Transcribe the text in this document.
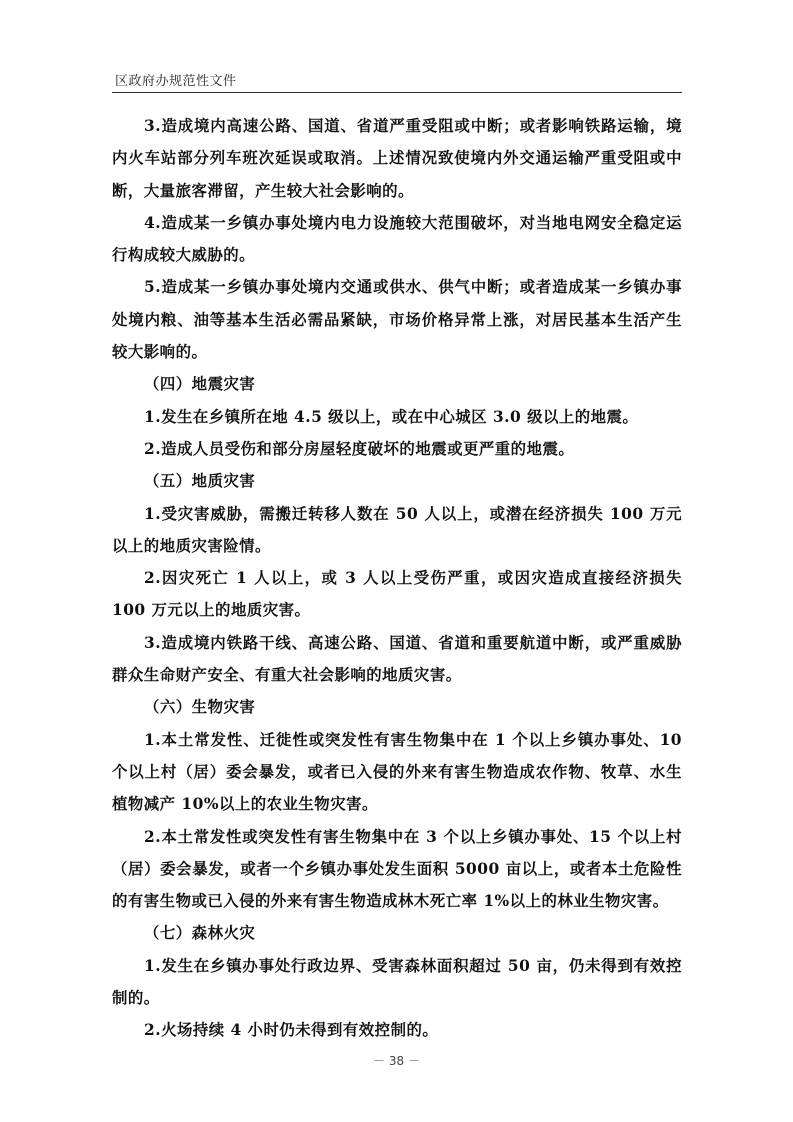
区政府办规范性文件

3.造成境内高速公路、国道、省道严重受阻或中断；或者影响铁路运输，境内火车站部分列车班次延误或取消。上述情况致使境内外交通运输严重受阻或中断，大量旅客滞留，产生较大社会影响的。

4.造成某一乡镇办事处境内电力设施较大范围破坏，对当地电网安全稳定运行构成较大威胁的。

5.造成某一乡镇办事处境内交通或供水、供气中断；或者造成某一乡镇办事处境内粮、油等基本生活必需品紧缺，市场价格异常上涨，对居民基本生活产生较大影响的。

（四）地震灾害

1.发生在乡镇所在地 4.5 级以上，或在中心城区 3.0 级以上的地震。

2.造成人员受伤和部分房屋轻度破坏的地震或更严重的地震。

（五）地质灾害

1.受灾害威胁，需搬迁转移人数在 50 人以上，或潜在经济损失 100 万元以上的地质灾害险情。

2.因灾死亡 1 人以上，或 3 人以上受伤严重，或因灾造成直接经济损失 100 万元以上的地质灾害。

3.造成境内铁路干线、高速公路、国道、省道和重要航道中断，或严重威胁群众生命财产安全、有重大社会影响的地质灾害。

（六）生物灾害

1.本土常发性、迁徙性或突发性有害生物集中在 1 个以上乡镇办事处、10 个以上村（居）委会暴发，或者已入侵的外来有害生物造成农作物、牧草、水生植物减产 10%以上的农业生物灾害。

2.本土常发性或突发性有害生物集中在 3 个以上乡镇办事处、15 个以上村（居）委会暴发，或者一个乡镇办事处发生面积 5000 亩以上，或者本土危险性的有害生物或已入侵的外来有害生物造成林木死亡率 1%以上的林业生物灾害。

（七）森林火灾

1.发生在乡镇办事处行政边界、受害森林面积超过 50 亩，仍未得到有效控制的。

2.火场持续 4 小时仍未得到有效控制的。

－ 38 －
